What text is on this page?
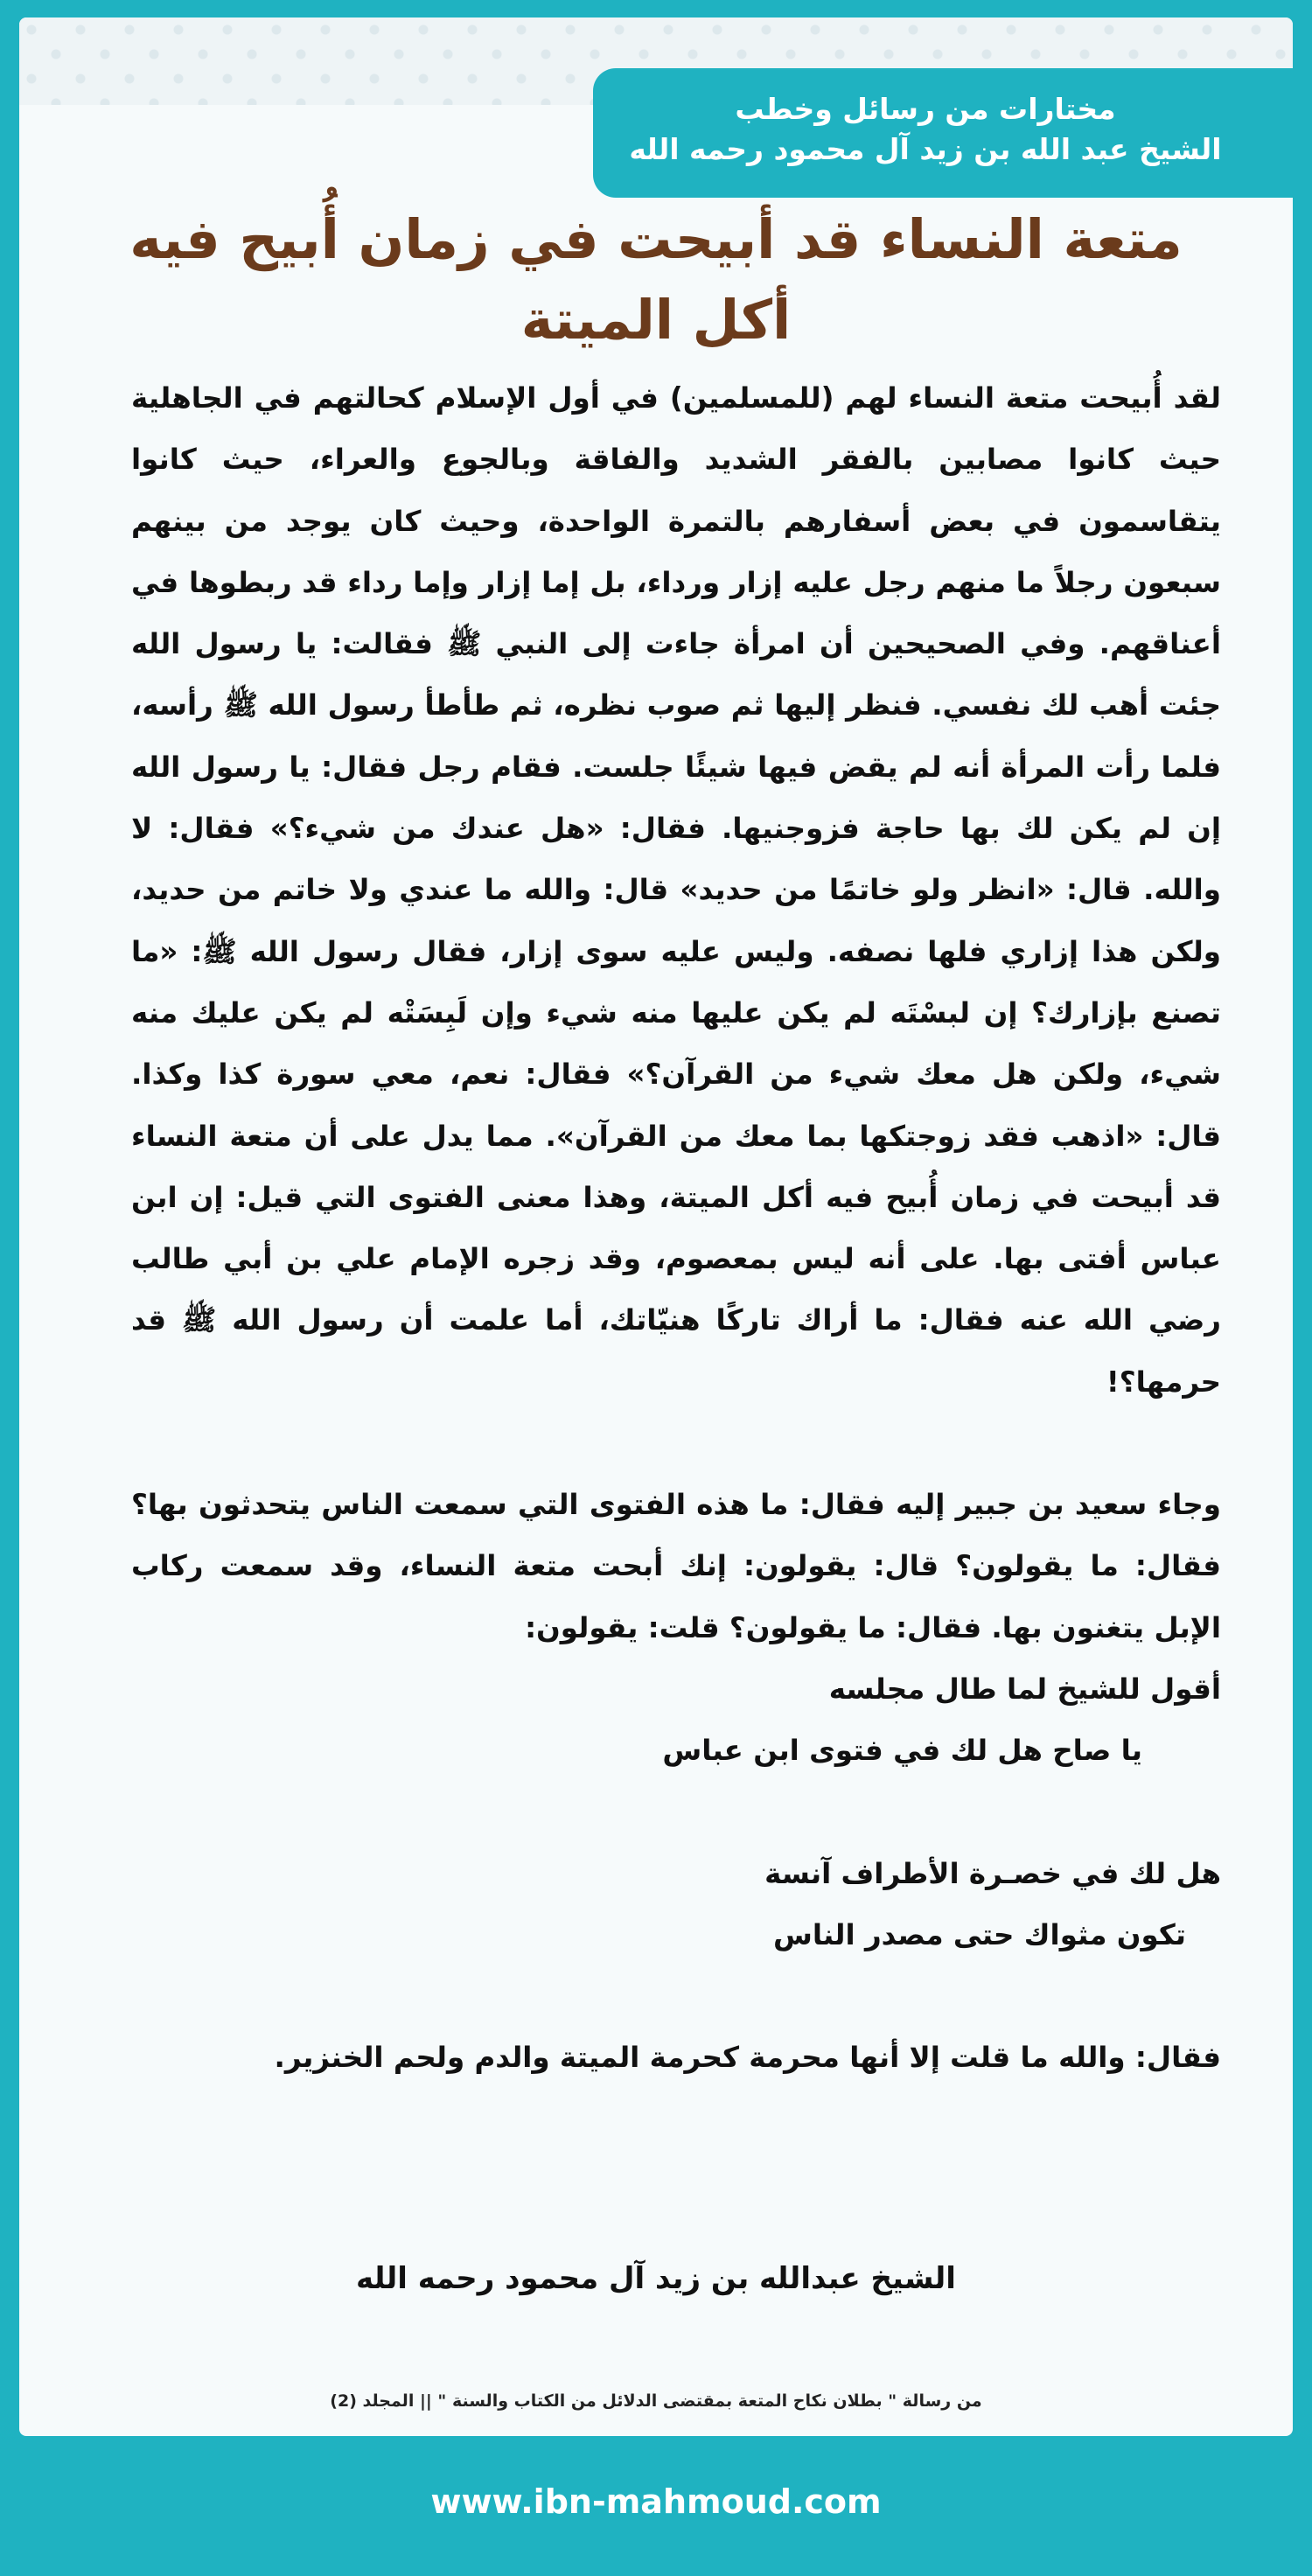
مختارات من رسائل وخطب
الشيخ عبد الله بن زيد آل محمود رحمه الله
متعة النساء قد أبيحت في زمان أُبيح فيه أكل الميتة

لقد أُبيحت متعة النساء لهم (للمسلمين) في أول الإسلام كحالتهم في الجاهلية حيث كانوا مصابين بالفقر الشديد والفاقة وبالجوع والعراء، حيث كانوا يتقاسمون في بعض أسفارهم بالتمرة الواحدة، وحيث كان يوجد من بينهم سبعون رجلاً ما منهم رجل عليه إزار ورداء، بل إما إزار وإما رداء قد ربطوها في أعناقهم. وفي الصحيحين أن امرأة جاءت إلى النبي ﷺ فقالت: يا رسول الله جئت أهب لك نفسي. فنظر إليها ثم صوب نظره، ثم طأطأ رسول الله ﷺ رأسه، فلما رأت المرأة أنه لم يقض فيها شيئًا جلست. فقام رجل فقال: يا رسول الله إن لم يكن لك بها حاجة فزوجنيها. فقال: «هل عندك من شيء؟» فقال: لا والله. قال: «انظر ولو خاتمًا من حديد» قال: والله ما عندي ولا خاتم من حديد، ولكن هذا إزاري فلها نصفه. وليس عليه سوى إزار، فقال رسول الله ﷺ: «ما تصنع بإزارك؟ إن لبسْتَه لم يكن عليها منه شيء وإن لَبِسَتْه لم يكن عليك منه شيء، ولكن هل معك شيء من القرآن؟» فقال: نعم، معي سورة كذا وكذا. قال: «اذهب فقد زوجتكها بما معك من القرآن». مما يدل على أن متعة النساء قد أبيحت في زمان أُبيح فيه أكل الميتة، وهذا معنى الفتوى التي قيل: إن ابن عباس أفتى بها. على أنه ليس بمعصوم، وقد زجره الإمام علي بن أبي طالب رضي الله عنه فقال: ما أراك تاركًا هنيّاتك، أما علمت أن رسول الله ﷺ قد حرمها؟!

وجاء سعيد بن جبير إليه فقال: ما هذه الفتوى التي سمعت الناس يتحدثون بها؟ فقال: ما يقولون؟ قال: يقولون: إنك أبحت متعة النساء، وقد سمعت ركاب الإبل يتغنون بها. فقال: ما يقولون؟ قلت: يقولون:

أقول للشيخ لما طال مجلسه

يا صاح هل لك في فتوى ابن عباس

هل لك في خصـرة الأطراف آنسة

تكون مثواك حتى مصدر الناس

فقال: والله ما قلت إلا أنها محرمة كحرمة الميتة والدم ولحم الخنزير.

الشيخ عبدالله بن زيد آل محمود رحمه الله
من رسالة " بطلان نكاح المتعة بمقتضى الدلائل من الكتاب والسنة " || المجلد (2)
www.ibn-mahmoud.com
